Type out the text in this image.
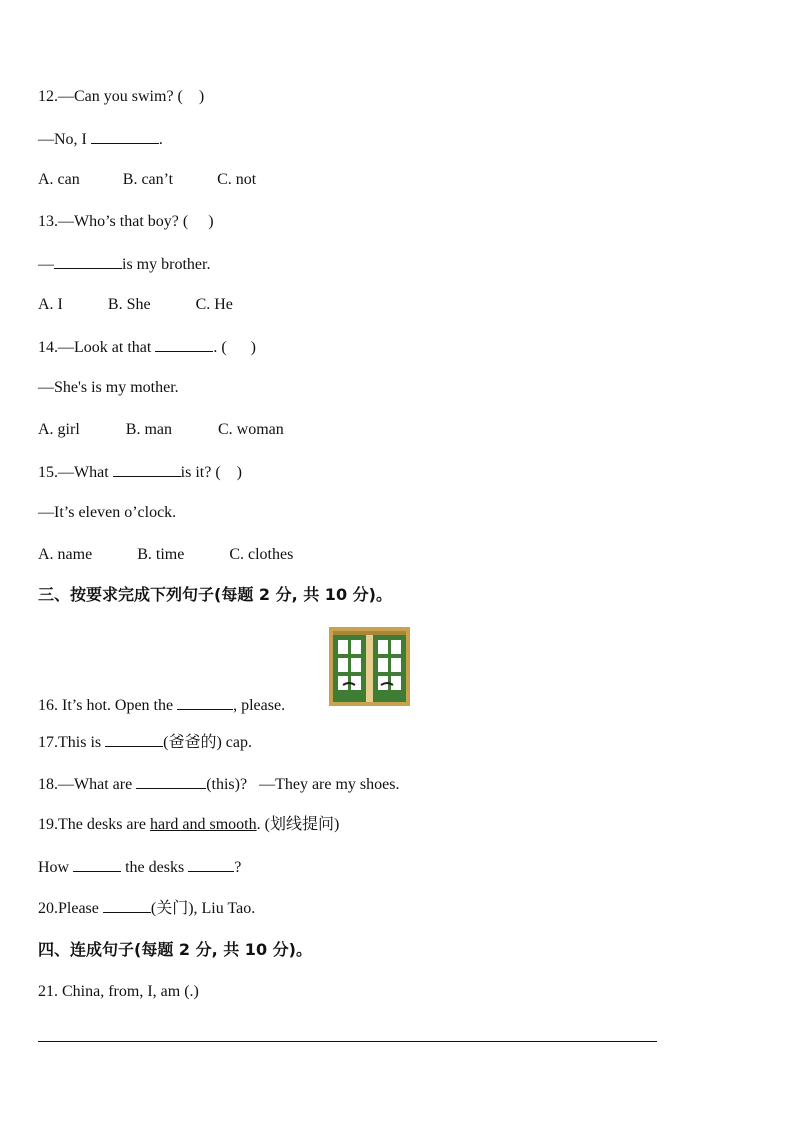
12.—Can you swim? (    )
—No, I	.
A. can	B. can’t	C. not
13.—Who’s that boy? (     )
—	is my brother.
A. I	B. She	C. He
14.—Look at that	. (      )
—She's is my mother.
A. girl	B. man	C. woman
15.—What	is it? (    )
—It’s eleven o’clock.
A. name	B. time	C. clothes
三、按要求完成下列句子(每题 2 分, 共 10 分)。
16. It’s hot. Open the	, please.
17.This is	(爸爸的) cap.
18.—What are	(this)?   —They are my shoes.
19.The desks are hard and smooth. (划线提问)
How	the desks	?
20.Please	(关门), Liu Tao.
四、连成句子(每题 2 分, 共 10 分)。
21. China, from, I, am (.)
